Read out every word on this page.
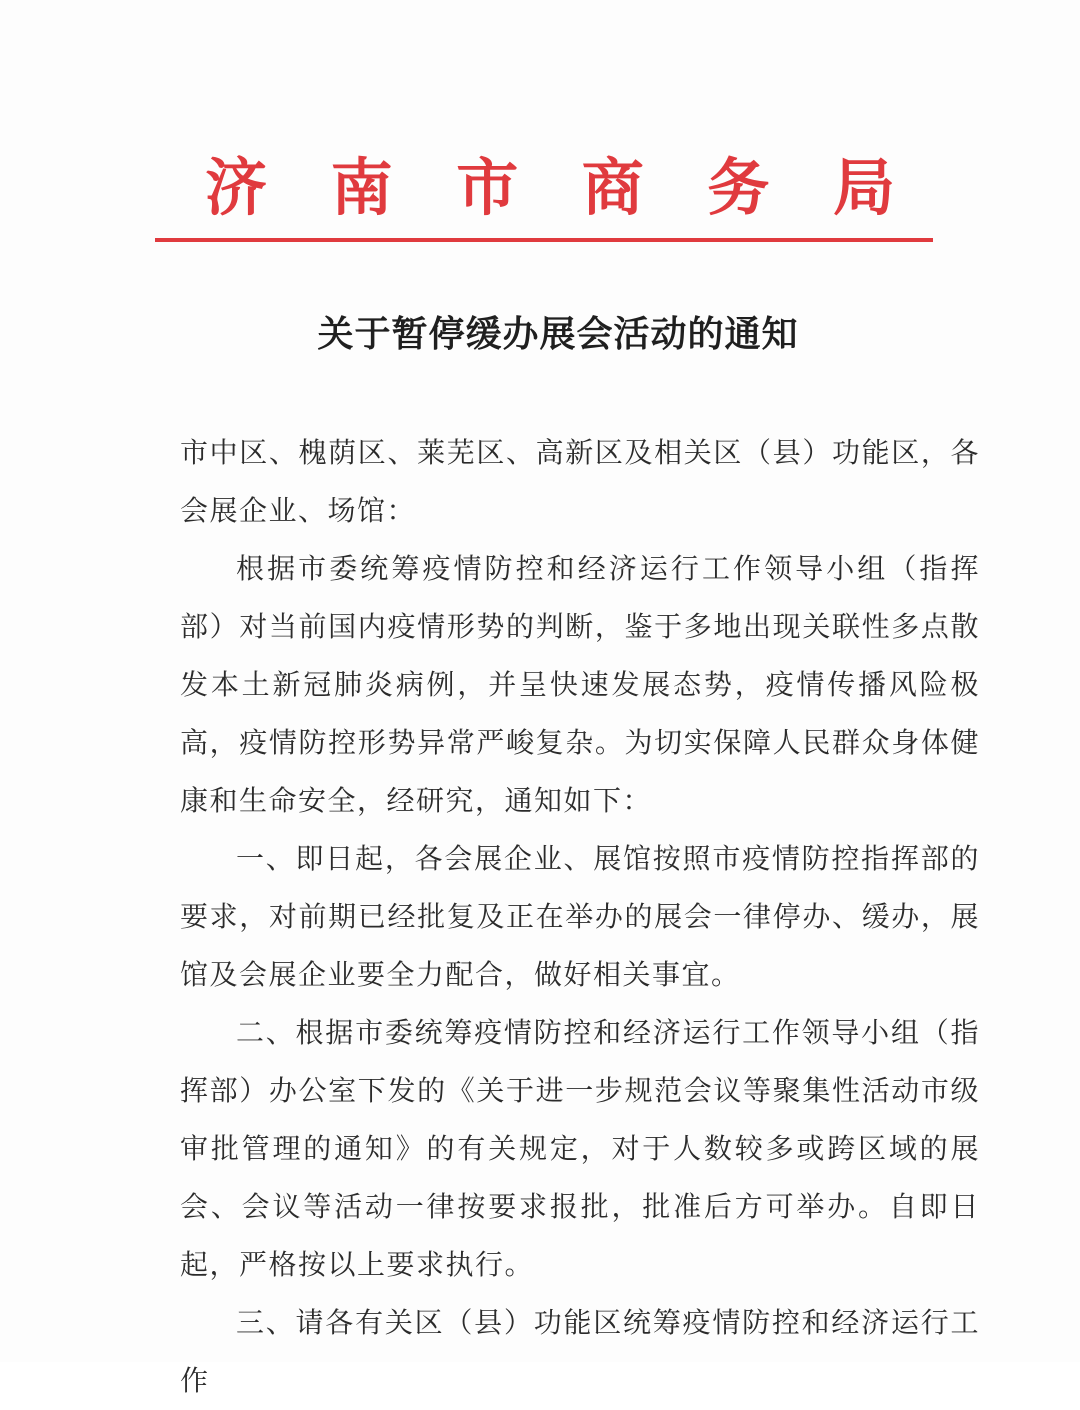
济 南 市 商 务 局
关于暂停缓办展会活动的通知

市中区、槐荫区、莱芜区、高新区及相关区（县）功能区，各会展企业、场馆：

根据市委统筹疫情防控和经济运行工作领导小组（指挥部）对当前国内疫情形势的判断，鉴于多地出现关联性多点散发本土新冠肺炎病例，并呈快速发展态势，疫情传播风险极高，疫情防控形势异常严峻复杂。为切实保障人民群众身体健康和生命安全，经研究，通知如下：

一、即日起，各会展企业、展馆按照市疫情防控指挥部的要求，对前期已经批复及正在举办的展会一律停办、缓办，展馆及会展企业要全力配合，做好相关事宜。

二、根据市委统筹疫情防控和经济运行工作领导小组（指挥部）办公室下发的《关于进一步规范会议等聚集性活动市级审批管理的通知》的有关规定，对于人数较多或跨区域的展会、会议等活动一律按要求报批，批准后方可举办。自即日起，严格按以上要求执行。

三、请各有关区（县）功能区统筹疫情防控和经济运行工作
